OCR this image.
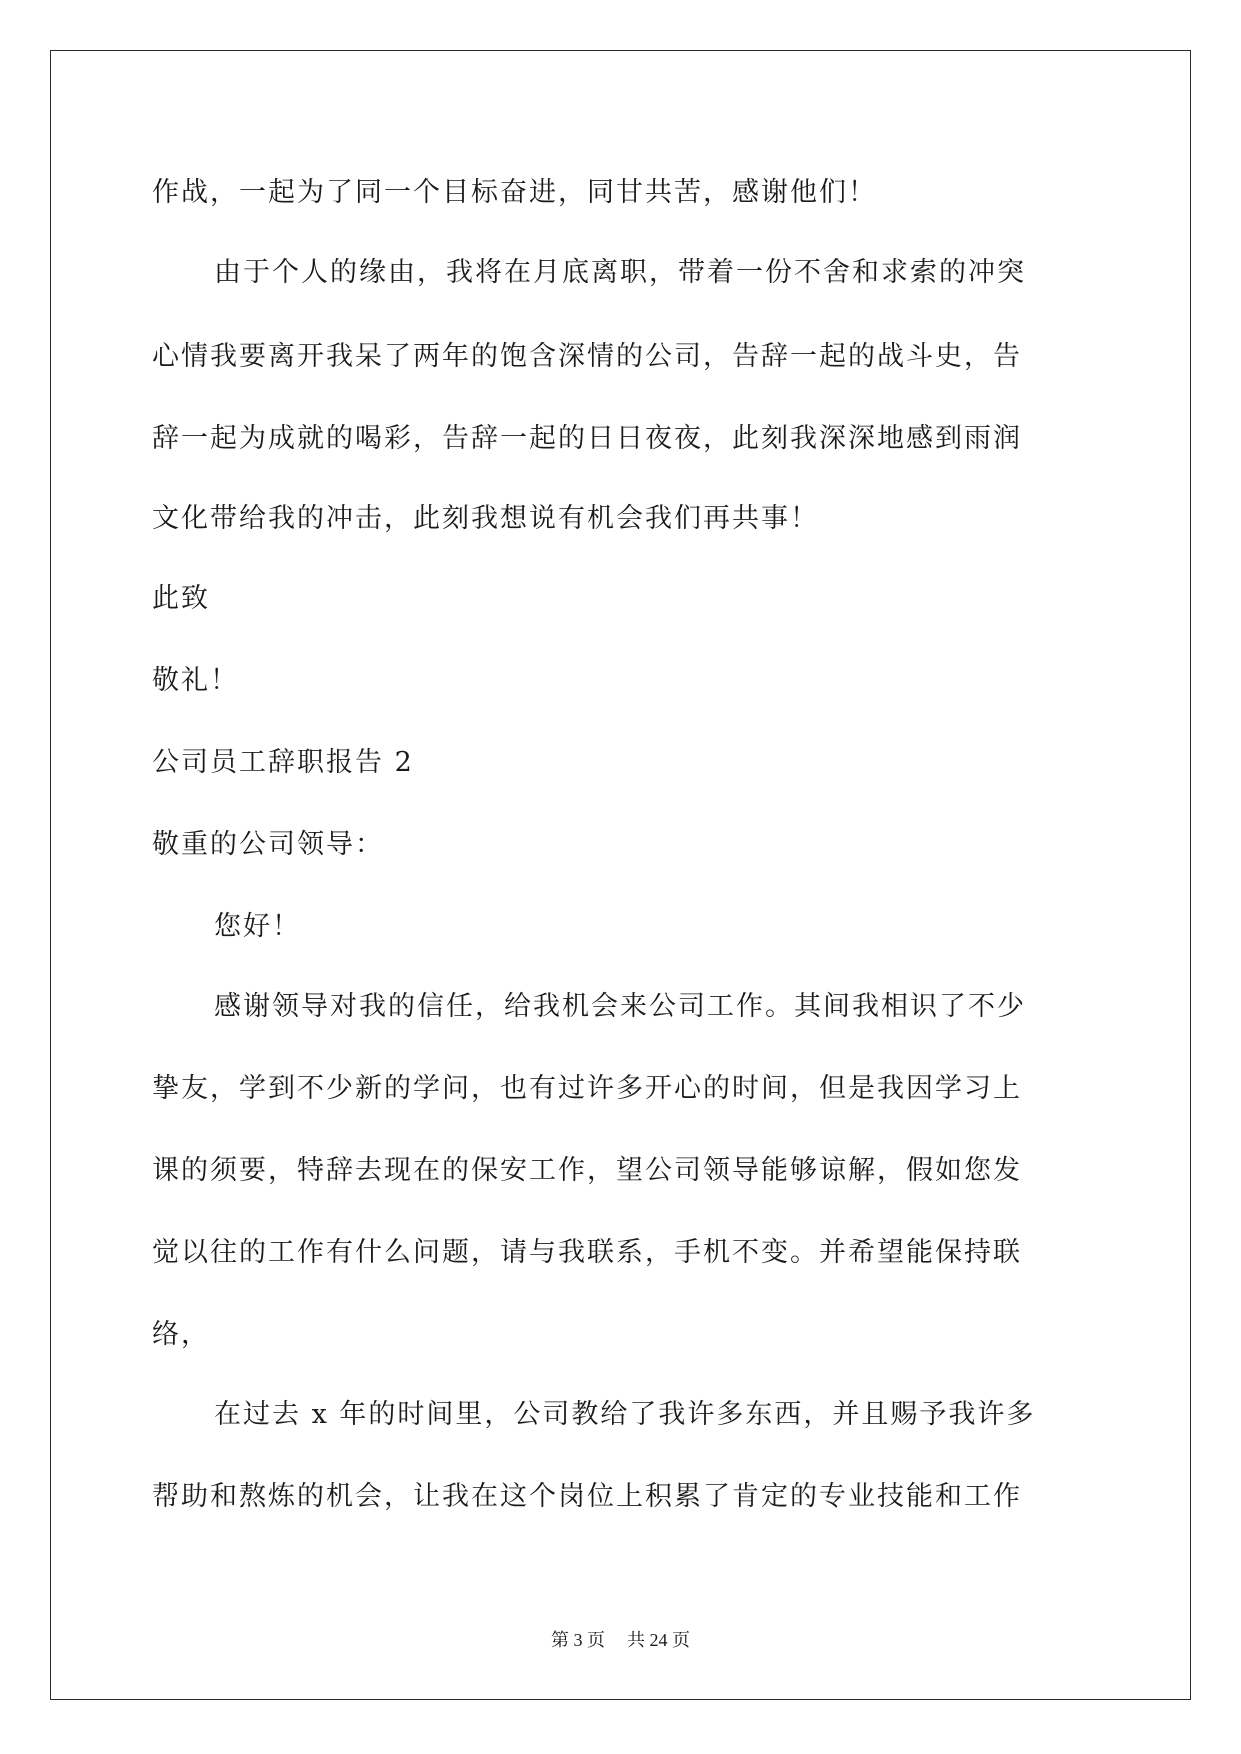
作战，一起为了同一个目标奋进，同甘共苦，感谢他们！
由于个人的缘由，我将在月底离职，带着一份不舍和求索的冲突
心情我要离开我呆了两年的饱含深情的公司，告辞一起的战斗史，告
辞一起为成就的喝彩，告辞一起的日日夜夜，此刻我深深地感到雨润
文化带给我的冲击，此刻我想说有机会我们再共事！
此致
敬礼！
公司员工辞职报告 2
敬重的公司领导：
您好！
感谢领导对我的信任，给我机会来公司工作。其间我相识了不少
挚友，学到不少新的学问，也有过许多开心的时间，但是我因学习上
课的须要，特辞去现在的保安工作，望公司领导能够谅解，假如您发
觉以往的工作有什么问题，请与我联系，手机不变。并希望能保持联
络，
在过去 x 年的时间里，公司教给了我许多东西，并且赐予我许多
帮助和熬炼的机会，让我在这个岗位上积累了肯定的专业技能和工作
第 3 页 共 24 页
